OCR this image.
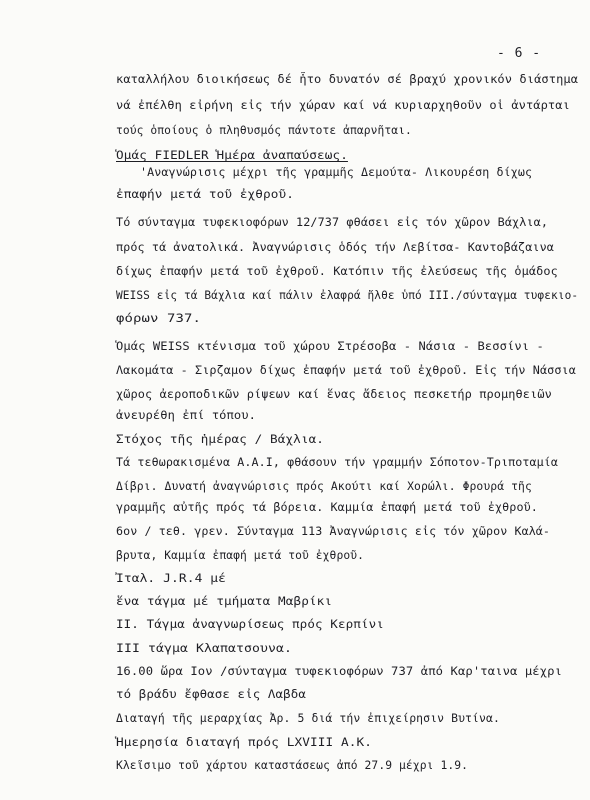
- 6 -
καταλλήλου διοικήσεως δέ ἦτο δυνατόν σέ βραχύ χρονικόν διάστημα
νά ἐπέλθη εἰρήνη εἰς τήν χώραν καί νά κυριαρχηθοῦν οἱ ἀντάρται
τούς ὁποίους ὁ πληθυσμός πάντοτε ἀπαρνῆται.
Ὁμάς FIEDLER Ἡμέρα ἀναπαύσεως.
'Αναγνώρισις μέχρι τῆς γραμμῆς Δεμούτα- Λικουρέση δίχως
ἐπαφήν μετά τοῦ ἐχθροῦ.
Τό σύνταγμα τυφεκιοφόρων 12/737 φθάσει εἰς τόν χῶρον Βάχλια,
πρός τά ἀνατολικά. Ἀναγνώρισις ὁδός τήν Λεβίτσα- Καντοβάζαινα
δίχως ἐπαφήν μετά τοῦ ἐχθροῦ. Κατόπιν τῆς ἐλεύσεως τῆς ὁμάδος
WEISS εἰς τά Βάχλια καί πάλιν ἐλαφρά ἤλθε ὑπό ΙΙΙ./σύνταγμα τυφεκιο-
φόρων 737.
Ὁμάς WEISS κτένισμα τοῦ χώρου Στρέσοβα - Νάσια - Βεσσίνι -
Λακομάτα - Σιρζαμον δίχως ἐπαφήν μετά τοῦ ἐχθροῦ. Εἰς τήν Νάσσια
χῶρος ἀεροποδικῶν ρίψεων καί ἕνας ἄδειος πεσκετήρ προμηθειῶν
ἀνευρέθη ἐπί τόπου.
Στόχος τῆς ἡμέρας / Βάχλια.
Τά τεθωρακισμένα Α.Α.Ι, φθάσουν τήν γραμμήν Σόποτον-Τριποταμία
Δίβρι. Δυνατή ἀναγνώρισις πρός Ακούτι καί Χορώλι. Φρουρά τῆς
γραμμῆς αὐτῆς πρός τά βόρεια. Καμμία ἐπαφή μετά τοῦ ἐχθροῦ.
6ον / τεθ. γρεν. Σύνταγμα 113 Ἀναγνώρισις εἰς τόν χῶρον Καλά-
βρυτα, Καμμία ἐπαφή μετά τοῦ ἐχθροῦ.
Ἰταλ. J.R.4 μέ
ἕνα τάγμα μέ τμήματα Μαβρίκι
ΙΙ. Τάγμα ἀναγνωρίσεως πρός Κερπίνι
ΙΙΙ τάγμα Κλαπατσουνα.
16.00 ὥρα Ιον /σύνταγμα τυφεκιοφόρων 737 ἀπό Καρ'ταινα μέχρι
τό βράδυ ἔφθασε εἰς Λαβδα
Διαταγή τῆς μεραρχίας Ἀρ. 5 διά τήν ἐπιχείρησιν Βυτίνα.
Ἡμερησία διαταγή πρός LXVIII Α.Κ.
Κλεῖσιμο τοῦ χάρτου καταστάσεως ἀπό 27.9 μέχρι 1.9.
